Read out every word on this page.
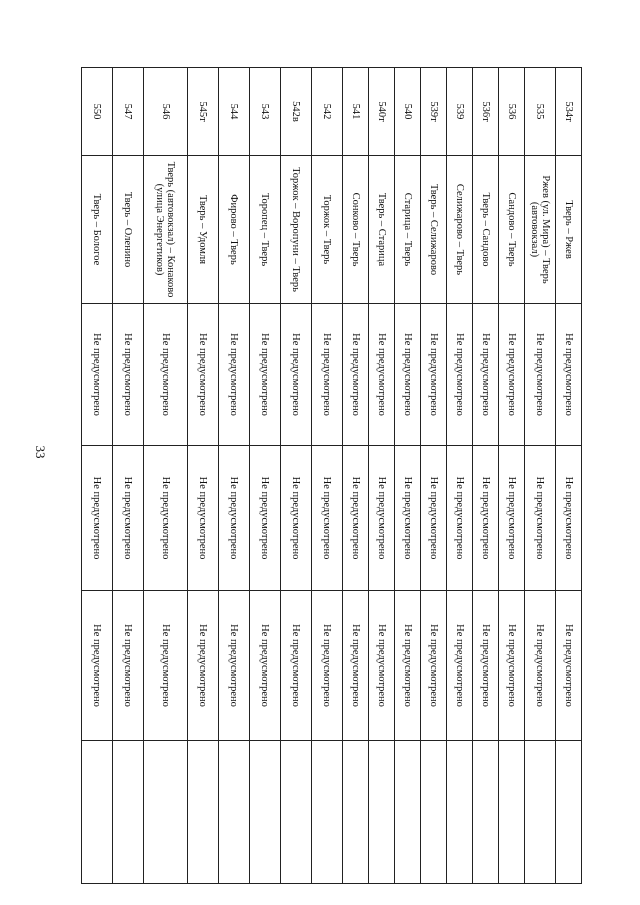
33
534т	Тверь – Ржев	Не предусмотрено	Не предусмотрено	Не предусмотрено	
535	Ржев (ул. Мира) – Тверь (автовокзал)	Не предусмотрено	Не предусмотрено	Не предусмотрено	
536	Сандово – Тверь	Не предусмотрено	Не предусмотрено	Не предусмотрено	
536т	Тверь – Сандово	Не предусмотрено	Не предусмотрено	Не предусмотрено	
539	Селижарово – Тверь	Не предусмотрено	Не предусмотрено	Не предусмотрено	
539т	Тверь – Селижарово	Не предусмотрено	Не предусмотрено	Не предусмотрено	
540	Старица – Тверь	Не предусмотрено	Не предусмотрено	Не предусмотрено	
540т	Тверь – Старица	Не предусмотрено	Не предусмотрено	Не предусмотрено	
541	Сонково – Тверь	Не предусмотрено	Не предусмотрено	Не предусмотрено	
542	Торжок – Тверь	Не предусмотрено	Не предусмотрено	Не предусмотрено	
542в	Торжок – Воропуни – Тверь	Не предусмотрено	Не предусмотрено	Не предусмотрено	
543	Торопец – Тверь	Не предусмотрено	Не предусмотрено	Не предусмотрено	
544	Фирово – Тверь	Не предусмотрено	Не предусмотрено	Не предусмотрено	
545т	Тверь – Удомля	Не предусмотрено	Не предусмотрено	Не предусмотрено	
546	Тверь (автовокзал) – Конаково (улица Энергетиков)	Не предусмотрено	Не предусмотрено	Не предусмотрено	
547	Тверь – Оленино	Не предусмотрено	Не предусмотрено	Не предусмотрено	
550	Тверь – Бологое	Не предусмотрено	Не предусмотрено	Не предусмотрено	
